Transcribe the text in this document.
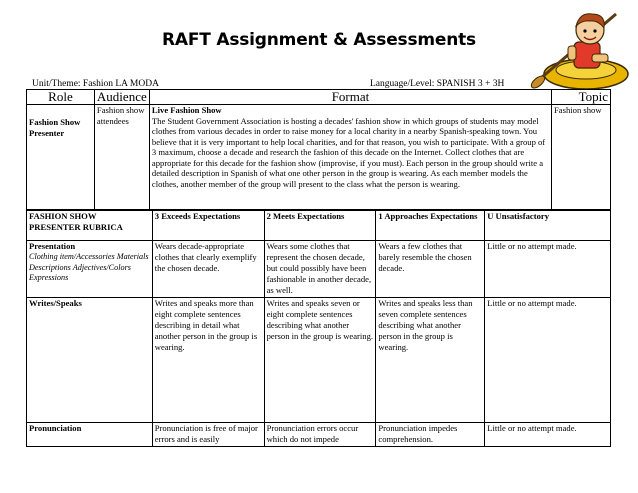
RAFT Assignment & Assessments
Unit/Theme: Fashion LA MODA	Language/Level: SPANISH 3 + 3H
Role	Audience	Format	Topic
Fashion Show Presenter	Fashion show attendees	Live Fashion Show
The Student Government Association is hosting a decades' fashion show in which groups of students may model clothes from various decades in order to raise money for a local charity in a nearby Spanish-speaking town. You believe that it is very important to help local charities, and for that reason, you wish to participate. With a group of 3 maximum, choose a decade and research the fashion of this decade on the Internet. Collect clothes that are appropriate for this decade for the fashion show (improvise, if you must). Each person in the group should write a detailed description in Spanish of what one other person in the group is wearing. As each member models the clothes, another member of the group will present to the class what the person is wearing.	Fashion show
FASHION SHOW PRESENTER RUBRICA	3 Exceeds Expectations	2 Meets Expectations	1 Approaches Expectations	U Unsatisfactory

Presentation
Clothing item/Accessories Materials Descriptions Adjectives/Colors Expressions	Wears decade-appropriate clothes that clearly exemplify the chosen decade.	Wears some clothes that represent the chosen decade, but could possibly have been fashionable in another decade, as well.	Wears a few clothes that barely resemble the chosen decade.	Little or no attempt made.
Writes/Speaks	Writes and speaks more than eight complete sentences describing in detail what another person in the group is wearing.	Writes and speaks seven or eight complete sentences describing what another person in the group is wearing.	Writes and speaks less than seven complete sentences describing what another person in the group is wearing.	Little or no attempt made.
Pronunciation	Pronunciation is free of major errors and is easily	Pronunciation errors occur which do not impede	Pronunciation impedes comprehension.	Little or no attempt made.
